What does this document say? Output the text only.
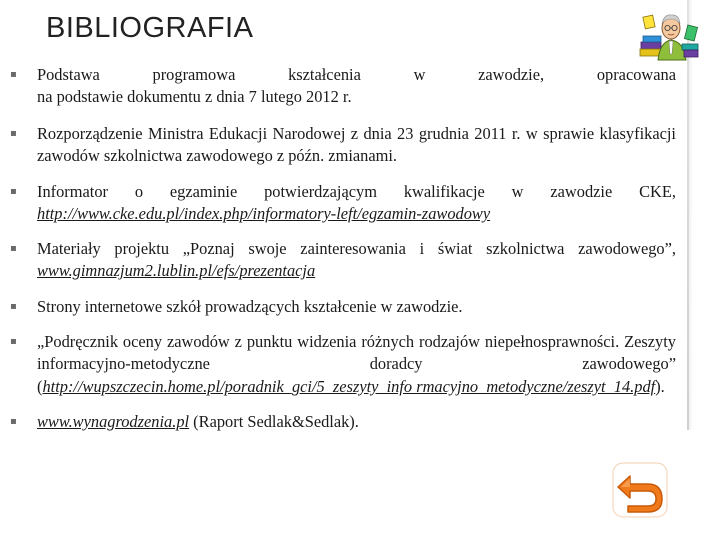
BIBLIOGRAFIA
▪ Podstawa programowa kształcenia w zawodzie, opracowana
na podstawie dokumentu z dnia 7 lutego 2012 r.
▪ Rozporządzenie Ministra Edukacji Narodowej z dnia 23 grudnia 2011 r. w sprawie klasyfikacji zawodów szkolnictwa zawodowego z późn. zmianami.
▪ Informator o egzaminie potwierdzającym kwalifikacje w zawodzie CKE, http://www.cke.edu.pl/index.php/informatory-left/egzamin-zawodowy
▪ Materiały projektu „Poznaj swoje zainteresowania i świat szkolnictwa zawodowego”, www.gimnazjum2.lublin.pl/efs/prezentacja
▪ Strony internetowe szkół prowadzących kształcenie w zawodzie.
▪ „Podręcznik oceny zawodów z punktu widzenia różnych rodzajów niepełnosprawności. Zeszyty informacyjno-metodyczne doradcy zawodowego” (http://wupszczecin.home.pl/poradnik_gci/5_zeszyty_info rmacyjno_metodyczne/zeszyt_14.pdf).
▪ www.wynagrodzenia.pl (Raport Sedlak&Sedlak).
